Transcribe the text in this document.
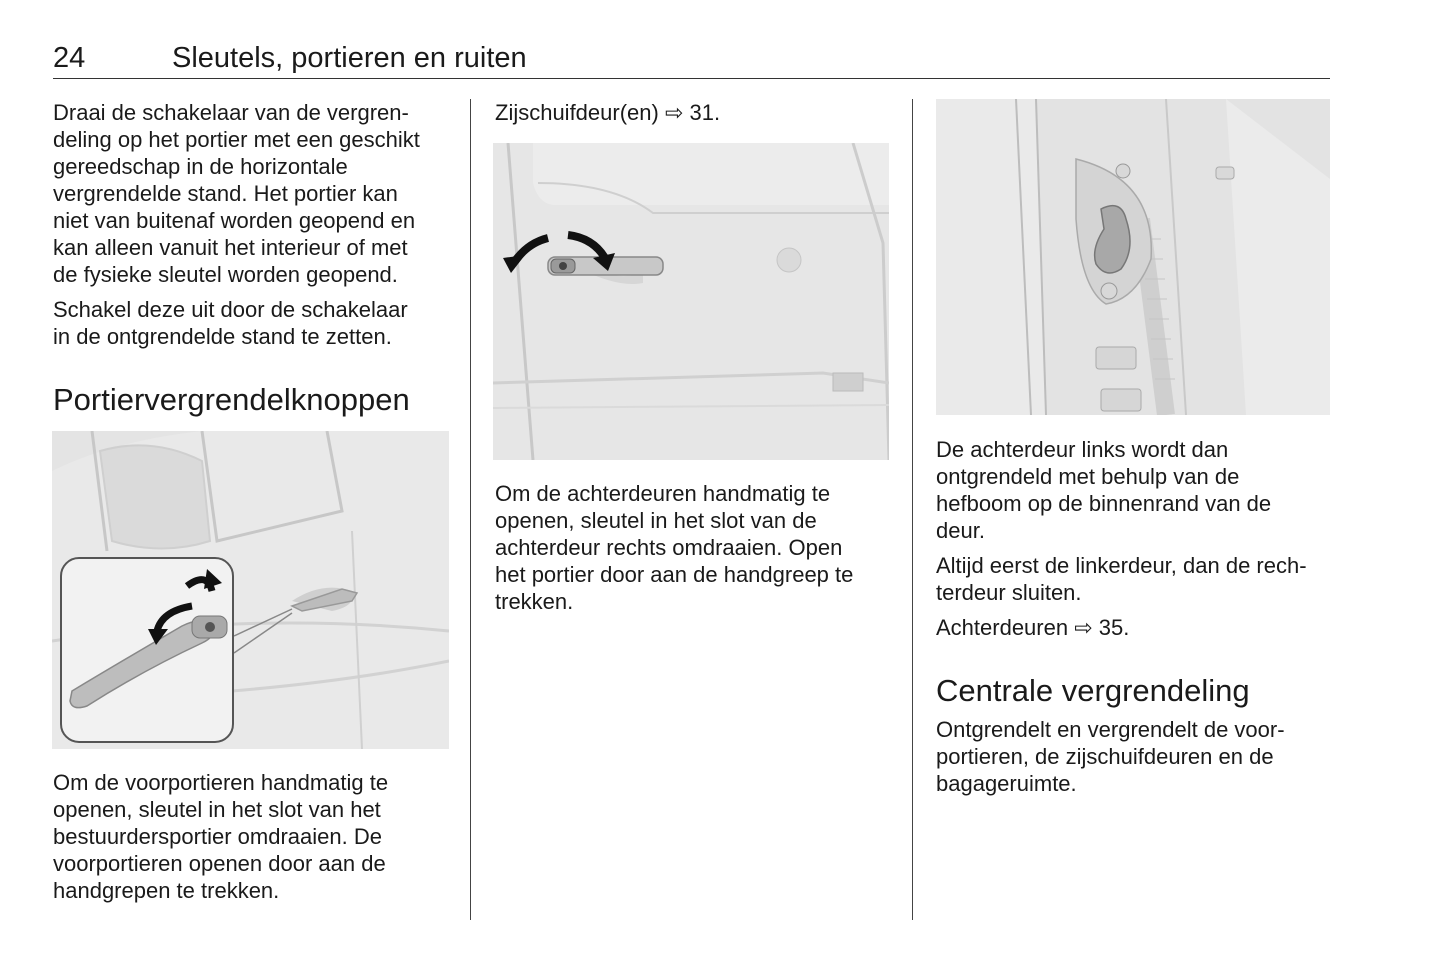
24	Sleutels, portieren en ruiten

Draai de schakelaar van de vergren-
deling op het portier met een geschikt
gereedschap in de horizontale
vergrendelde stand. Het portier kan
niet van buitenaf worden geopend en
kan alleen vanuit het interieur of met
de fysieke sleutel worden geopend.

Schakel deze uit door de schakelaar
in de ontgrendelde stand te zetten.

Portiervergrendelknoppen

Om de voorportieren handmatig te
openen, sleutel in het slot van het
bestuurdersportier omdraaien. De
voorportieren openen door aan de
handgrepen te trekken.

Zijschuifdeur(en) ⇨ 31.

Om de achterdeuren handmatig te
openen, sleutel in het slot van de
achterdeur rechts omdraaien. Open
het portier door aan de handgreep te
trekken.

De achterdeur links wordt dan
ontgrendeld met behulp van de
hefboom op de binnenrand van de
deur.

Altijd eerst de linkerdeur, dan de rech-
terdeur sluiten.

Achterdeuren ⇨ 35.

Centrale vergrendeling

Ontgrendelt en vergrendelt de voor-
portieren, de zijschuifdeuren en de
bagageruimte.
